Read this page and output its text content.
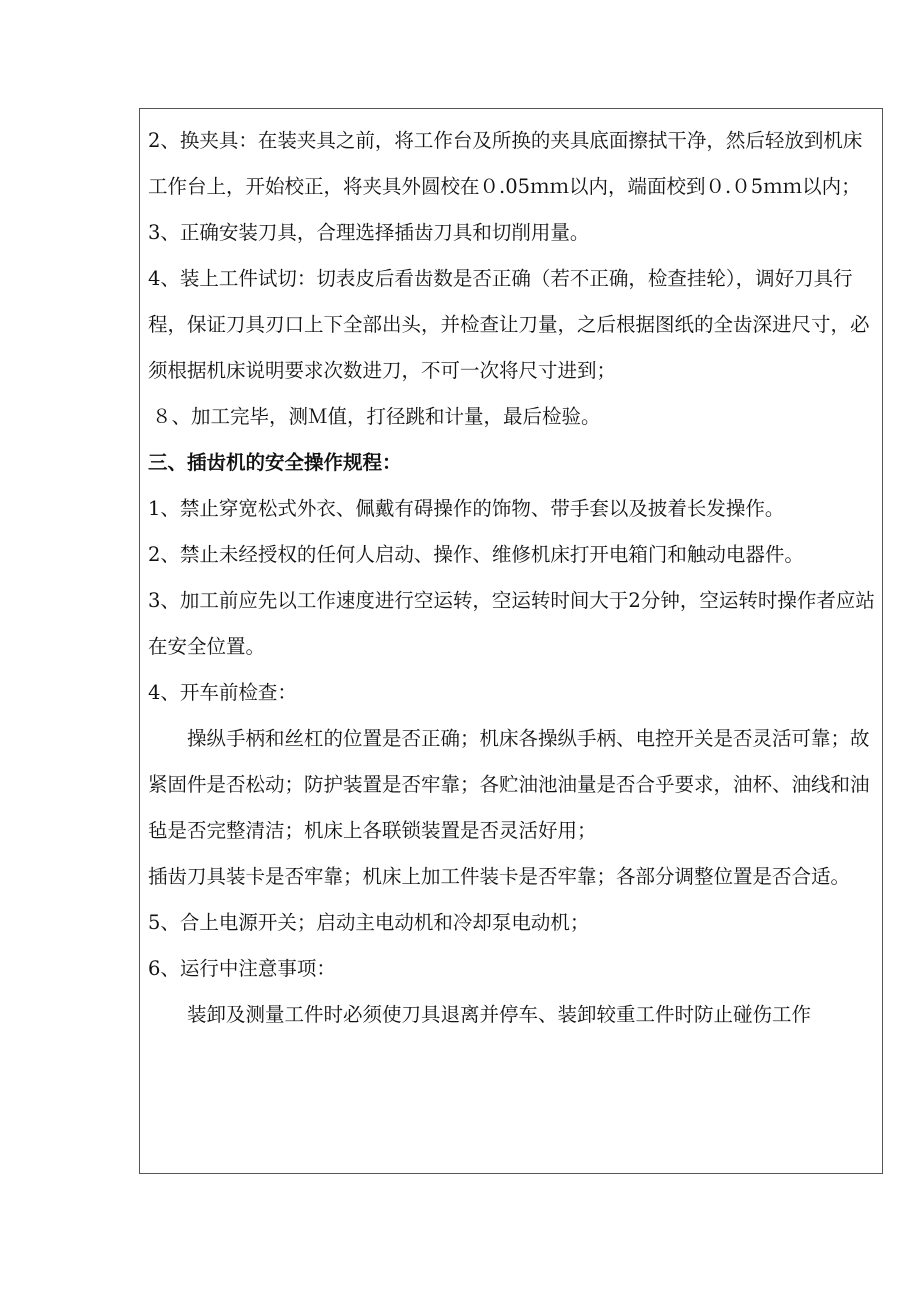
2、换夹具：在装夹具之前，将工作台及所换的夹具底面擦拭干净，然后轻放到机床工作台上，开始校正，将夹具外圆校在０.05ｍｍ以内，端面校到０.０5ｍｍ以内；

3、正确安装刀具，合理选择插齿刀具和切削用量。

4、装上工件试切：切表皮后看齿数是否正确（若不正确，检查挂轮），调好刀具行程，保证刀具刃口上下全部出头，并检查让刀量，之后根据图纸的全齿深进尺寸，必须根据机床说明要求次数进刀，不可一次将尺寸进到；

８、加工完毕，测Ｍ值，打径跳和计量，最后检验。

三、插齿机的安全操作规程：

1、禁止穿宽松式外衣、佩戴有碍操作的饰物、带手套以及披着长发操作。

2、禁止未经授权的任何人启动、操作、维修机床打开电箱门和触动电器件。

3、加工前应先以工作速度进行空运转，空运转时间大于2分钟，空运转时操作者应站在安全位置。

4、开车前检查：

操纵手柄和丝杠的位置是否正确；机床各操纵手柄、电控开关是否灵活可靠；故紧固件是否松动；防护装置是否牢靠；各贮油池油量是否合乎要求，油杯、油线和油毡是否完整清洁；机床上各联锁装置是否灵活好用；

插齿刀具装卡是否牢靠；机床上加工件装卡是否牢靠；各部分调整位置是否合适。

5、合上电源开关；启动主电动机和冷却泵电动机；

6、运行中注意事项：

装卸及测量工件时必须使刀具退离并停车、装卸较重工件时防止碰伤工作
